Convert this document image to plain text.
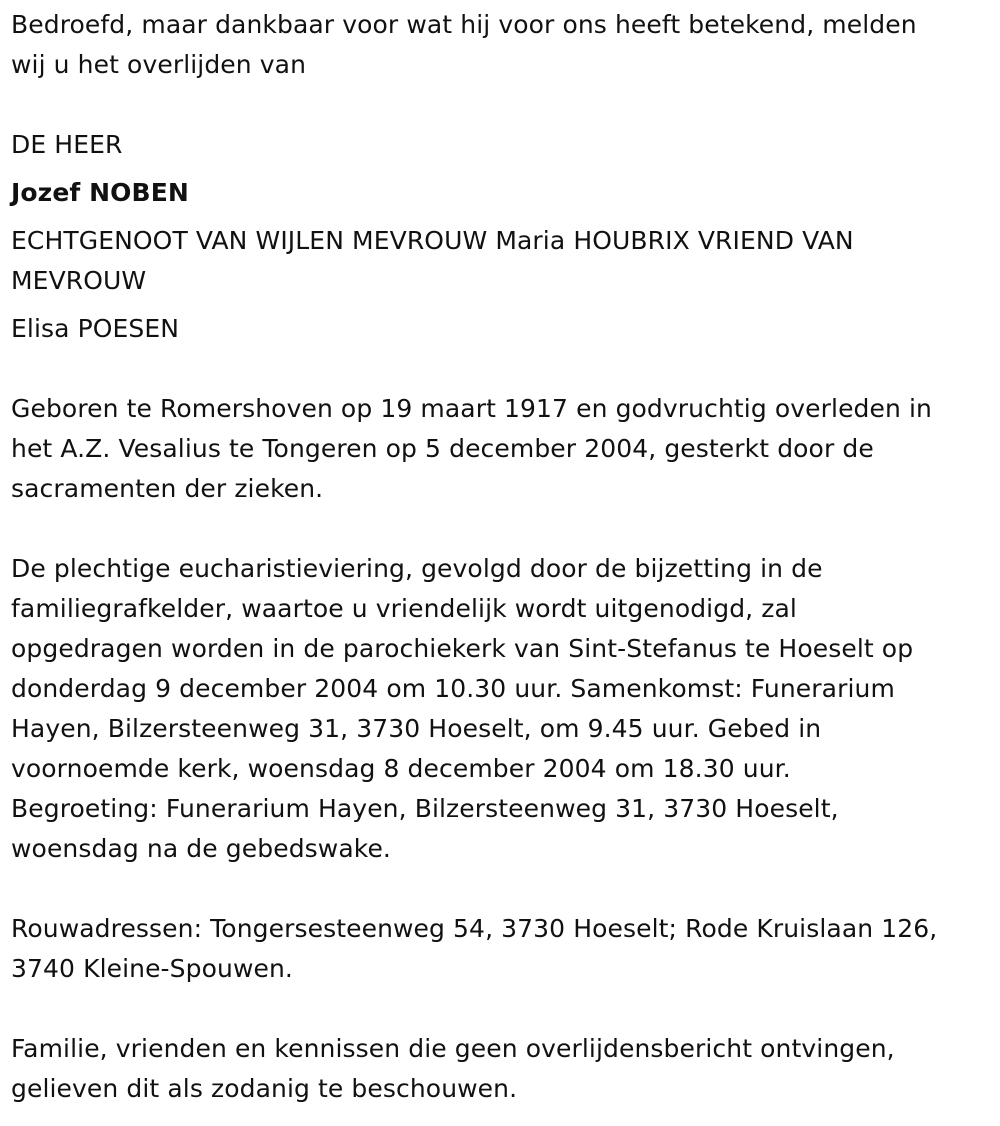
Bedroefd, maar dankbaar voor wat hij voor ons heeft betekend, melden
wij u het overlijden van
DE HEER
Jozef NOBEN
ECHTGENOOT VAN WIJLEN MEVROUW Maria HOUBRIX VRIEND VAN
MEVROUW
Elisa POESEN
Geboren te Romershoven op 19 maart 1917 en godvruchtig overleden in
het A.Z. Vesalius te Tongeren op 5 december 2004, gesterkt door de
sacramenten der zieken.
De plechtige eucharistieviering, gevolgd door de bijzetting in de
familiegrafkelder, waartoe u vriendelijk wordt uitgenodigd, zal
opgedragen worden in de parochiekerk van Sint-Stefanus te Hoeselt op
donderdag 9 december 2004 om 10.30 uur. Samenkomst: Funerarium
Hayen, Bilzersteenweg 31, 3730 Hoeselt, om 9.45 uur. Gebed in
voornoemde kerk, woensdag 8 december 2004 om 18.30 uur.
Begroeting: Funerarium Hayen, Bilzersteenweg 31, 3730 Hoeselt,
woensdag na de gebedswake.
Rouwadressen: Tongersesteenweg 54, 3730 Hoeselt; Rode Kruislaan 126,
3740 Kleine-Spouwen.
Familie, vrienden en kennissen die geen overlijdensbericht ontvingen,
gelieven dit als zodanig te beschouwen.
